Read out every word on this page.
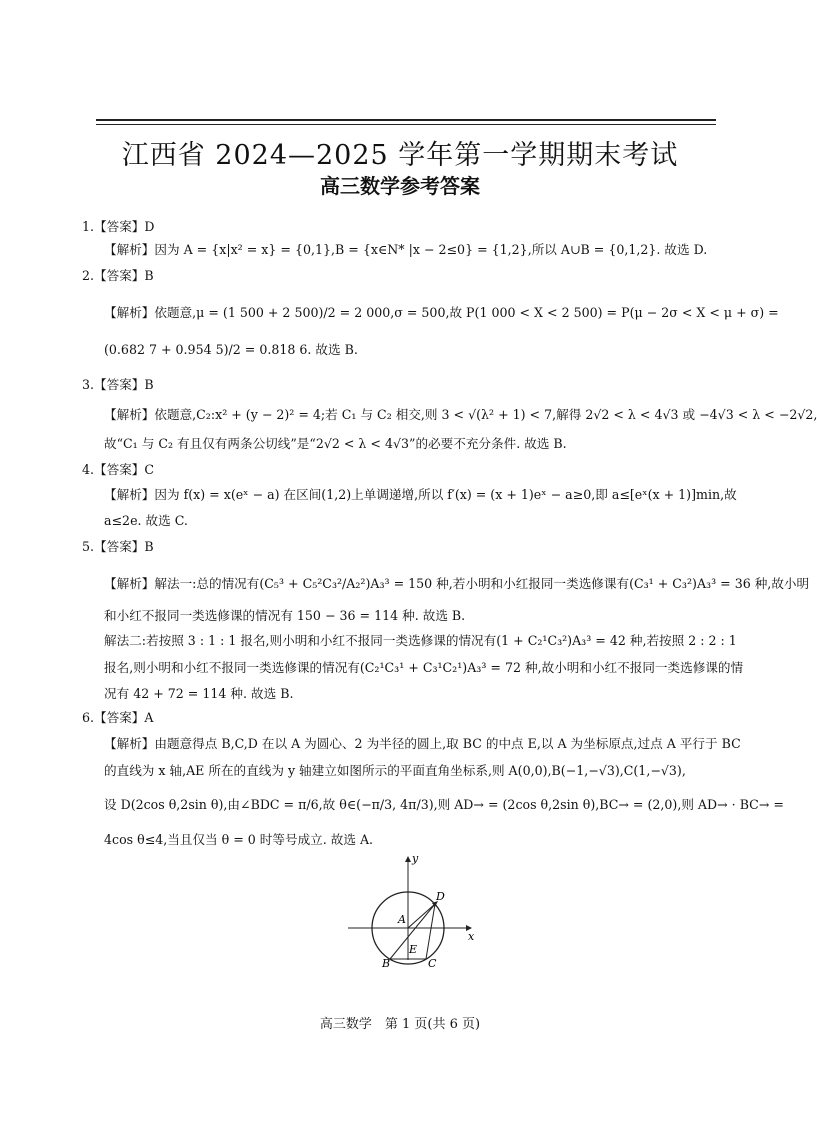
江西省 2024—2025 学年第一学期期末考试
高三数学参考答案
1.【答案】D
【解析】因为 A = {x|x² = x} = {0,1},B = {x∈N* |x − 2≤0} = {1,2},所以 A∪B = {0,1,2}. 故选 D.
2.【答案】B
【解析】依题意,μ = (1 500 + 2 500)/2 = 2 000,σ = 500,故 P(1 000 < X < 2 500) = P(μ − 2σ < X < μ + σ) =
(0.682 7 + 0.954 5)/2 = 0.818 6. 故选 B.
3.【答案】B
【解析】依题意,C₂:x² + (y − 2)² = 4;若 C₁ 与 C₂ 相交,则 3 < √(λ² + 1) < 7,解得 2√2 < λ < 4√3 或 −4√3 < λ < −2√2,
故“C₁ 与 C₂ 有且仅有两条公切线”是“2√2 < λ < 4√3”的必要不充分条件. 故选 B.
4.【答案】C
【解析】因为 f(x) = x(eˣ − a) 在区间(1,2)上单调递增,所以 f′(x) = (x + 1)eˣ − a≥0,即 a≤[eˣ(x + 1)]min,故
a≤2e. 故选 C.
5.【答案】B
【解析】解法一:总的情况有(C₅³ + C₅²C₃²/A₂²)A₃³ = 150 种,若小明和小红报同一类选修课有(C₃¹ + C₃²)A₃³ = 36 种,故小明
和小红不报同一类选修课的情况有 150 − 36 = 114 种. 故选 B.
解法二:若按照 3 : 1 : 1 报名,则小明和小红不报同一类选修课的情况有(1 + C₂¹C₃²)A₃³ = 42 种,若按照 2 : 2 : 1
报名,则小明和小红不报同一类选修课的情况有(C₂¹C₃¹ + C₃¹C₂¹)A₃³ = 72 种,故小明和小红不报同一类选修课的情
况有 42 + 72 = 114 种. 故选 B.
6.【答案】A
【解析】由题意得点 B,C,D 在以 A 为圆心、2 为半径的圆上,取 BC 的中点 E,以 A 为坐标原点,过点 A 平行于 BC
的直线为 x 轴,AE 所在的直线为 y 轴建立如图所示的平面直角坐标系,则 A(0,0),B(−1,−√3),C(1,−√3),
设 D(2cos θ,2sin θ),由∠BDC = π/6,故 θ∈(−π/3, 4π/3),则 AD→ = (2cos θ,2sin θ),BC→ = (2,0),则 AD→ · BC→ =
4cos θ≤4,当且仅当 θ = 0 时等号成立. 故选 A.
y
x
D
A
E
B	C
高三数学　第 1 页(共 6 页)
